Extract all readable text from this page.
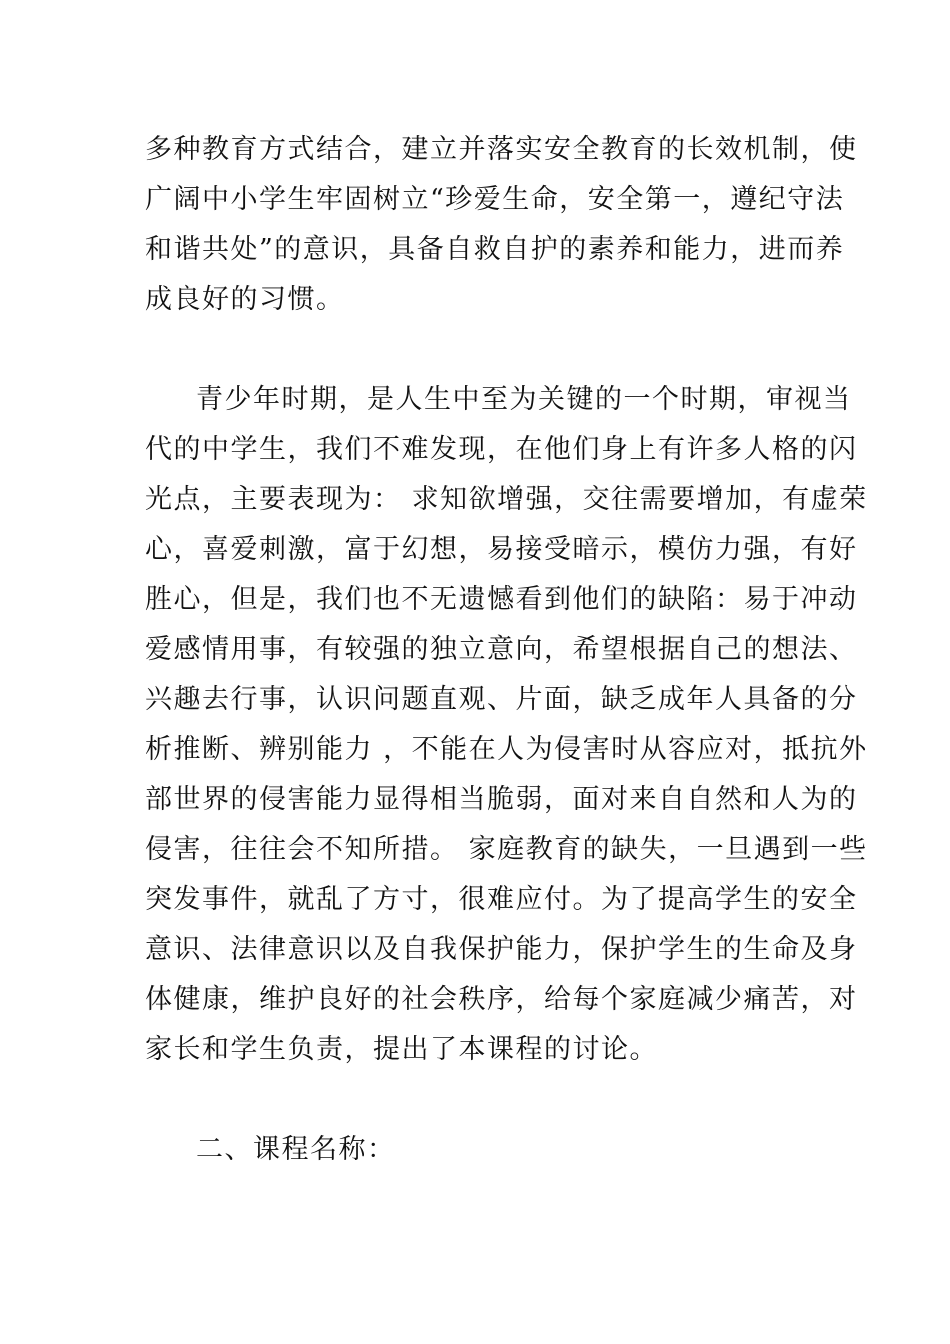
多种教育方式结合，建立并落实安全教育的长效机制，使
广阔中小学生牢固树立“珍爱生命，安全第一，遵纪守法
和谐共处”的意识，具备自救自护的素养和能力，进而养
成良好的习惯。
青少年时期，是人生中至为关键的一个时期，审视当
代的中学生，我们不难发现，在他们身上有许多人格的闪
光点，主要表现为： 求知欲增强，交往需要增加，有虚荣
心，喜爱刺激，富于幻想，易接受暗示，模仿力强，有好
胜心，但是，我们也不无遗憾看到他们的缺陷：易于冲动
爱感情用事，有较强的独立意向，希望根据自己的想法、
兴趣去行事，认识问题直观、片面，缺乏成年人具备的分
析推断、辨别能力 ，不能在人为侵害时从容应对，抵抗外
部世界的侵害能力显得相当脆弱，面对来自自然和人为的
侵害，往往会不知所措。 家庭教育的缺失，一旦遇到一些
突发事件，就乱了方寸，很难应付。为了提高学生的安全
意识、法律意识以及自我保护能力，保护学生的生命及身
体健康，维护良好的社会秩序，给每个家庭减少痛苦，对
家长和学生负责，提出了本课程的讨论。
二、课程名称：
